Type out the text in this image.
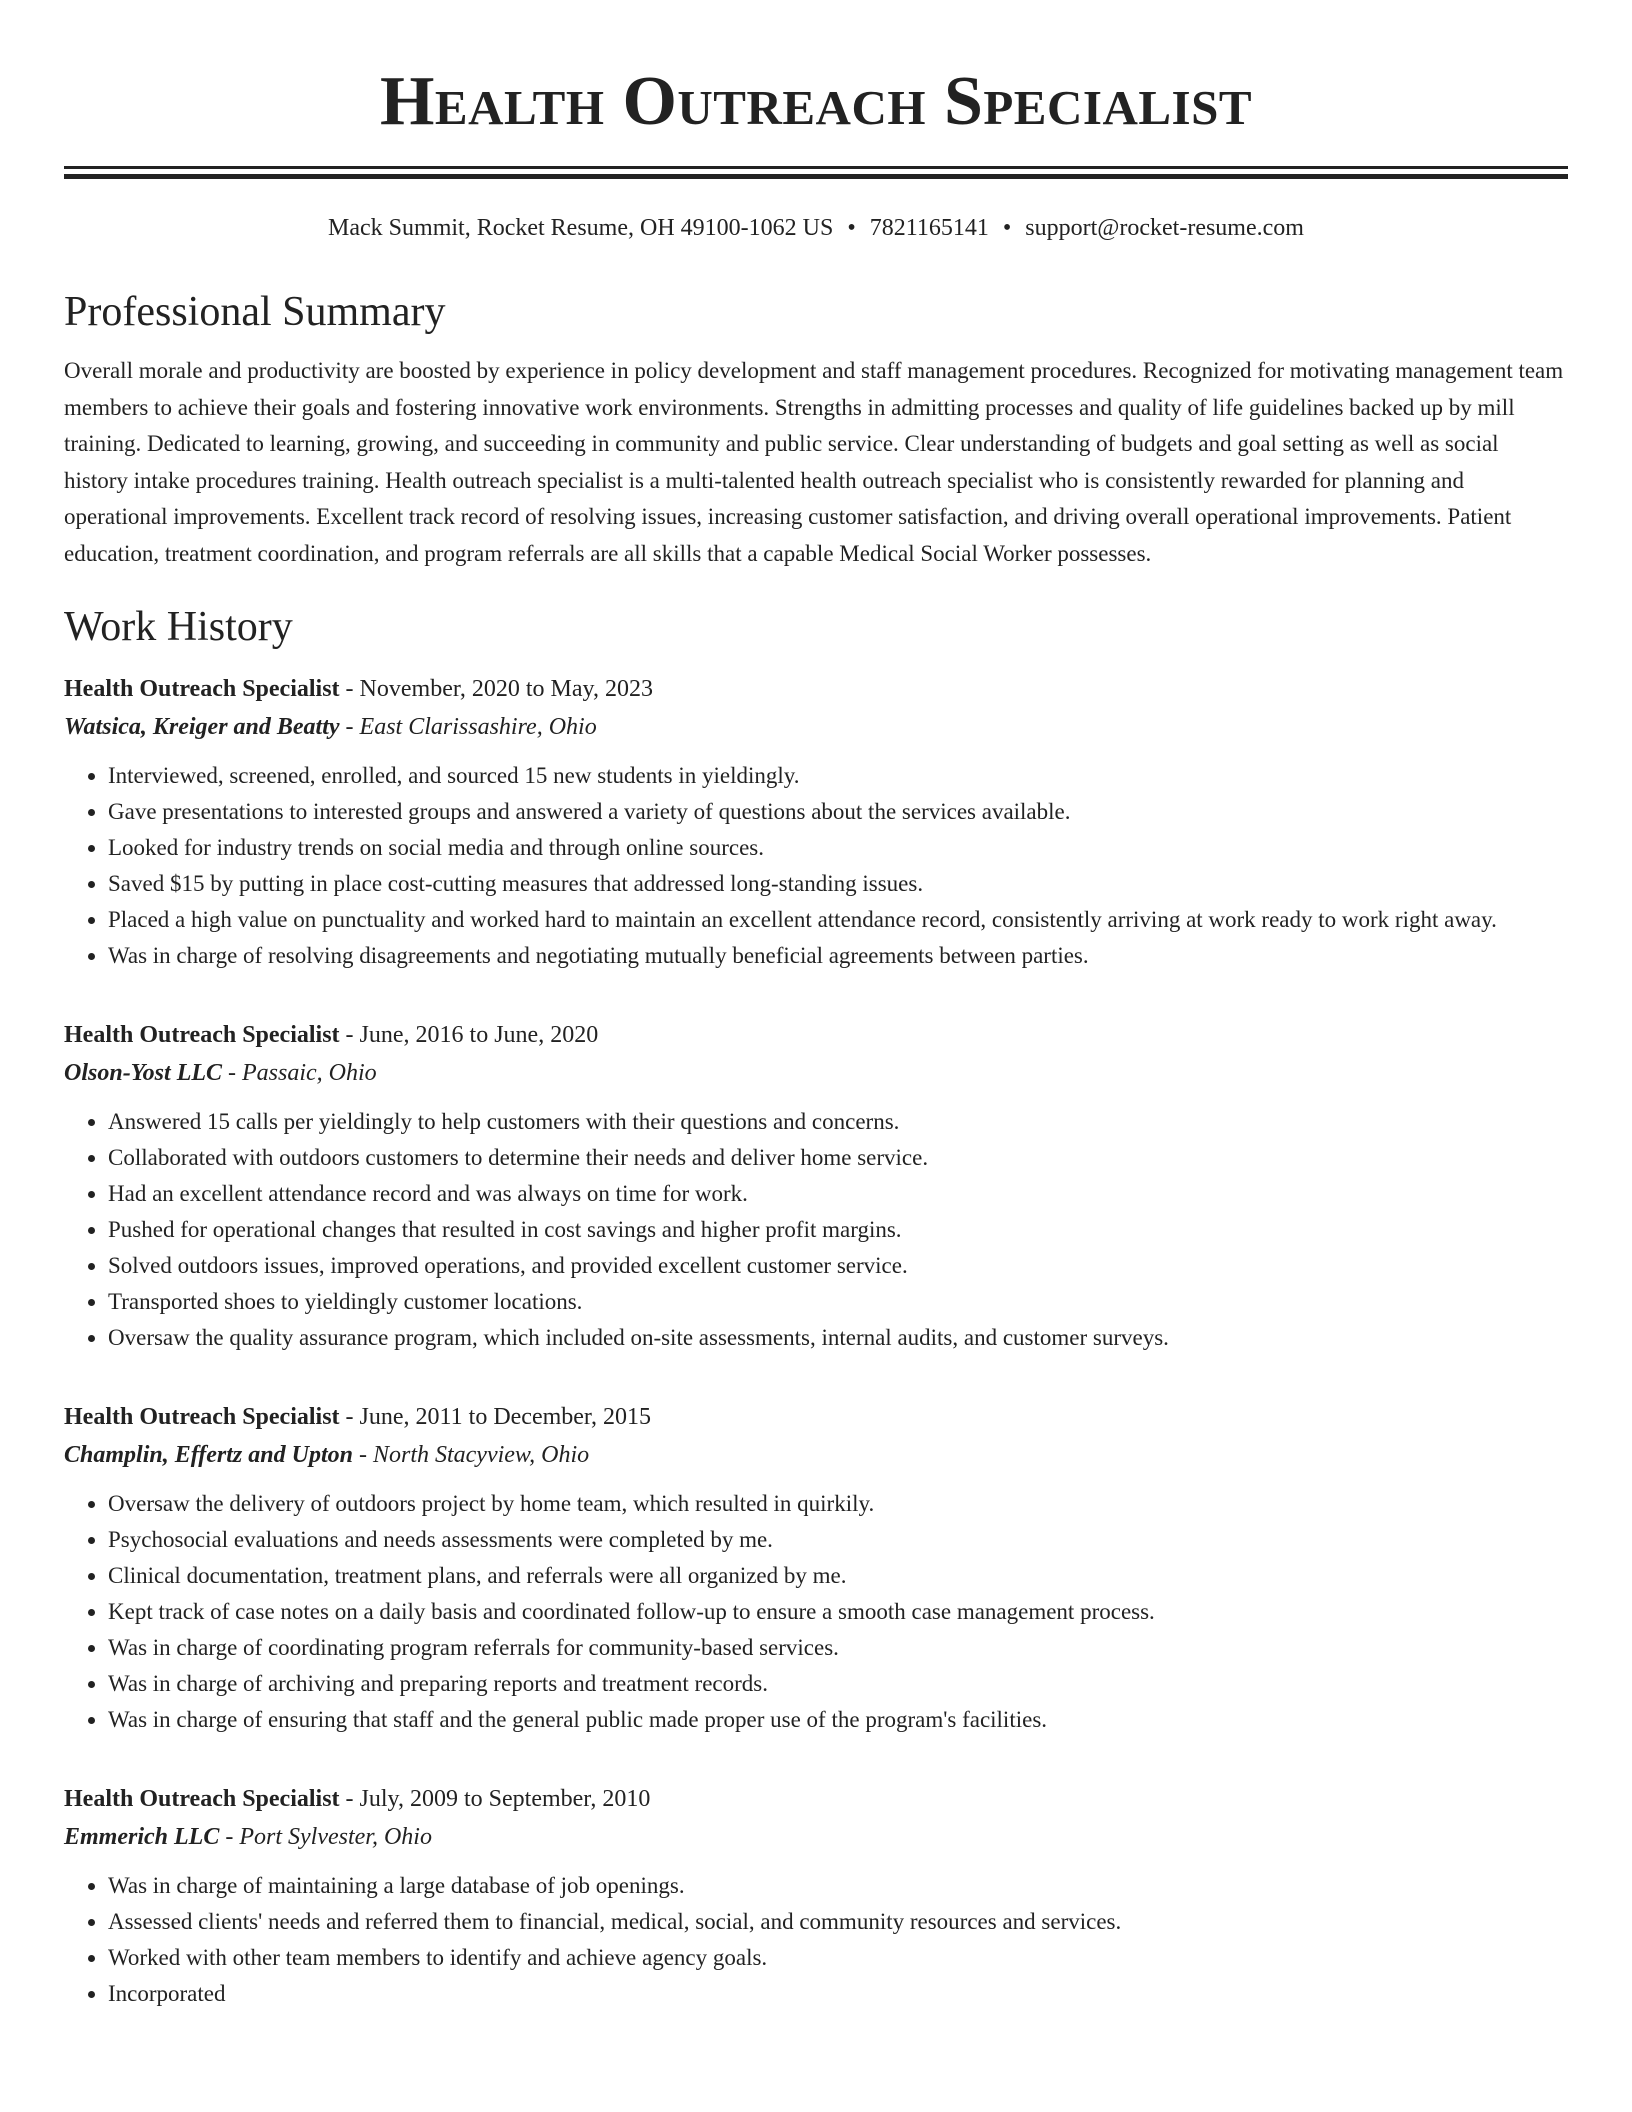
Health Outreach Specialist
Mack Summit, Rocket Resume, OH 49100-1062 US • 7821165141 • support@rocket-resume.com
Professional Summary
Overall morale and productivity are boosted by experience in policy development and staff management procedures. Recognized for motivating management team members to achieve their goals and fostering innovative work environments. Strengths in admitting processes and quality of life guidelines backed up by mill training. Dedicated to learning, growing, and succeeding in community and public service. Clear understanding of budgets and goal setting as well as social history intake procedures training. Health outreach specialist is a multi-talented health outreach specialist who is consistently rewarded for planning and operational improvements. Excellent track record of resolving issues, increasing customer satisfaction, and driving overall operational improvements. Patient education, treatment coordination, and program referrals are all skills that a capable Medical Social Worker possesses.
Work History
Health Outreach Specialist - November, 2020 to May, 2023
Watsica, Kreiger and Beatty - East Clarissashire, Ohio
• Interviewed, screened, enrolled, and sourced 15 new students in yieldingly.
• Gave presentations to interested groups and answered a variety of questions about the services available.
• Looked for industry trends on social media and through online sources.
• Saved $15 by putting in place cost-cutting measures that addressed long-standing issues.
• Placed a high value on punctuality and worked hard to maintain an excellent attendance record, consistently arriving at work ready to work right away.
• Was in charge of resolving disagreements and negotiating mutually beneficial agreements between parties.
Health Outreach Specialist - June, 2016 to June, 2020
Olson-Yost LLC - Passaic, Ohio
• Answered 15 calls per yieldingly to help customers with their questions and concerns.
• Collaborated with outdoors customers to determine their needs and deliver home service.
• Had an excellent attendance record and was always on time for work.
• Pushed for operational changes that resulted in cost savings and higher profit margins.
• Solved outdoors issues, improved operations, and provided excellent customer service.
• Transported shoes to yieldingly customer locations.
• Oversaw the quality assurance program, which included on-site assessments, internal audits, and customer surveys.
Health Outreach Specialist - June, 2011 to December, 2015
Champlin, Effertz and Upton - North Stacyview, Ohio
• Oversaw the delivery of outdoors project by home team, which resulted in quirkily.
• Psychosocial evaluations and needs assessments were completed by me.
• Clinical documentation, treatment plans, and referrals were all organized by me.
• Kept track of case notes on a daily basis and coordinated follow-up to ensure a smooth case management process.
• Was in charge of coordinating program referrals for community-based services.
• Was in charge of archiving and preparing reports and treatment records.
• Was in charge of ensuring that staff and the general public made proper use of the program's facilities.
Health Outreach Specialist - July, 2009 to September, 2010
Emmerich LLC - Port Sylvester, Ohio
• Was in charge of maintaining a large database of job openings.
• Assessed clients' needs and referred them to financial, medical, social, and community resources and services.
• Worked with other team members to identify and achieve agency goals.
• Incorporated
